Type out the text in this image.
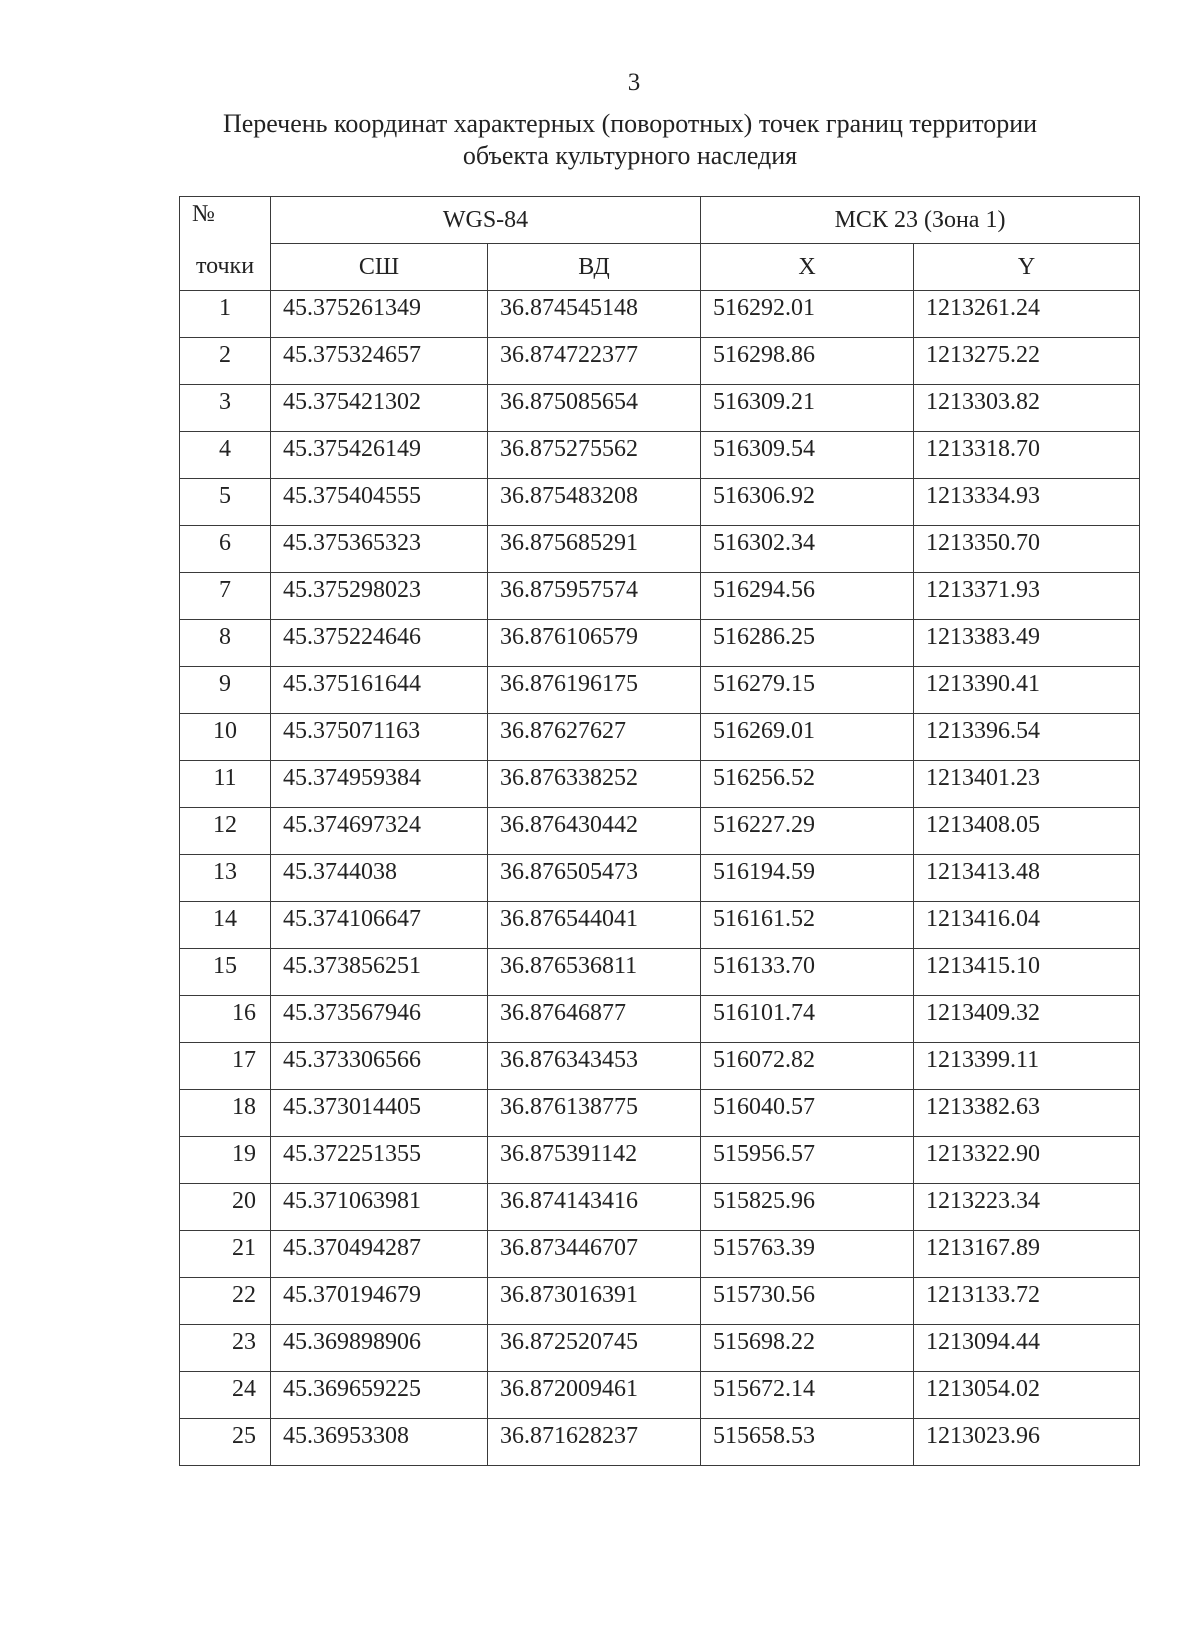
3
Перечень координат характерных (поворотных) точек границ территории
объекта культурного наследия
№	WGS-84		МСК 23 (Зона 1)	
точки	СШ	ВД	X	Y
1	45.375261349	36.874545148	516292.01	1213261.24
2	45.375324657	36.874722377	516298.86	1213275.22
3	45.375421302	36.875085654	516309.21	1213303.82
4	45.375426149	36.875275562	516309.54	1213318.70
5	45.375404555	36.875483208	516306.92	1213334.93
6	45.375365323	36.875685291	516302.34	1213350.70
7	45.375298023	36.875957574	516294.56	1213371.93
8	45.375224646	36.876106579	516286.25	1213383.49
9	45.375161644	36.876196175	516279.15	1213390.41
10	45.375071163	36.87627627	516269.01	1213396.54
11	45.374959384	36.876338252	516256.52	1213401.23
12	45.374697324	36.876430442	516227.29	1213408.05
13	45.3744038	36.876505473	516194.59	1213413.48
14	45.374106647	36.876544041	516161.52	1213416.04
15	45.373856251	36.876536811	516133.70	1213415.10
16	45.373567946	36.87646877	516101.74	1213409.32
17	45.373306566	36.876343453	516072.82	1213399.11
18	45.373014405	36.876138775	516040.57	1213382.63
19	45.372251355	36.875391142	515956.57	1213322.90
20	45.371063981	36.874143416	515825.96	1213223.34
21	45.370494287	36.873446707	515763.39	1213167.89
22	45.370194679	36.873016391	515730.56	1213133.72
23	45.369898906	36.872520745	515698.22	1213094.44
24	45.369659225	36.872009461	515672.14	1213054.02
25	45.36953308	36.871628237	515658.53	1213023.96
